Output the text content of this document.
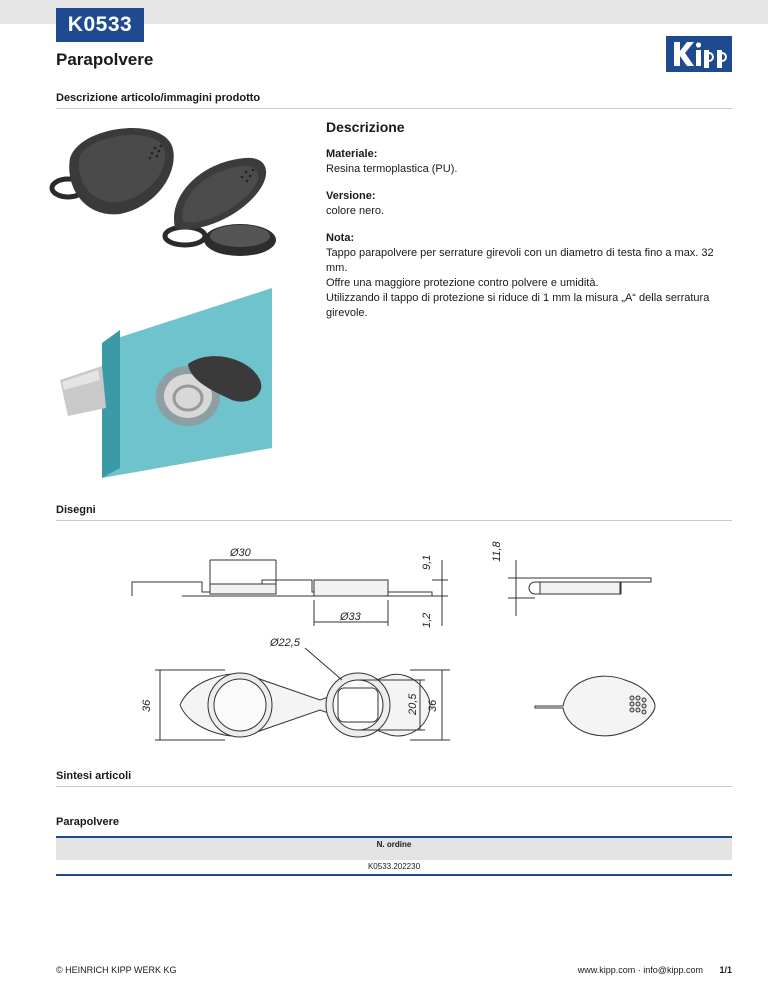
K0533
Parapolvere
Descrizione articolo/immagini prodotto
Descrizione
Materiale:
Resina termoplastica (PU).
Versione:
colore nero.
Nota:
Tappo parapolvere per serrature girevoli con un diametro di testa fino a max. 32 mm.
Offre una maggiore protezione contro polvere e umidità.
Utilizzando il tappo di protezione si riduce di 1 mm la misura „A“ della serratura girevole.
Disegni
Ø30
Ø33
9,1
1,2
11,8
Ø22,5
36	20,5 36
Sintesi articoli
Parapolvere
N. ordine
K0533.202230
© HEINRICH KIPP WERK KG	www.kipp.com · info@kipp.com 1/1
